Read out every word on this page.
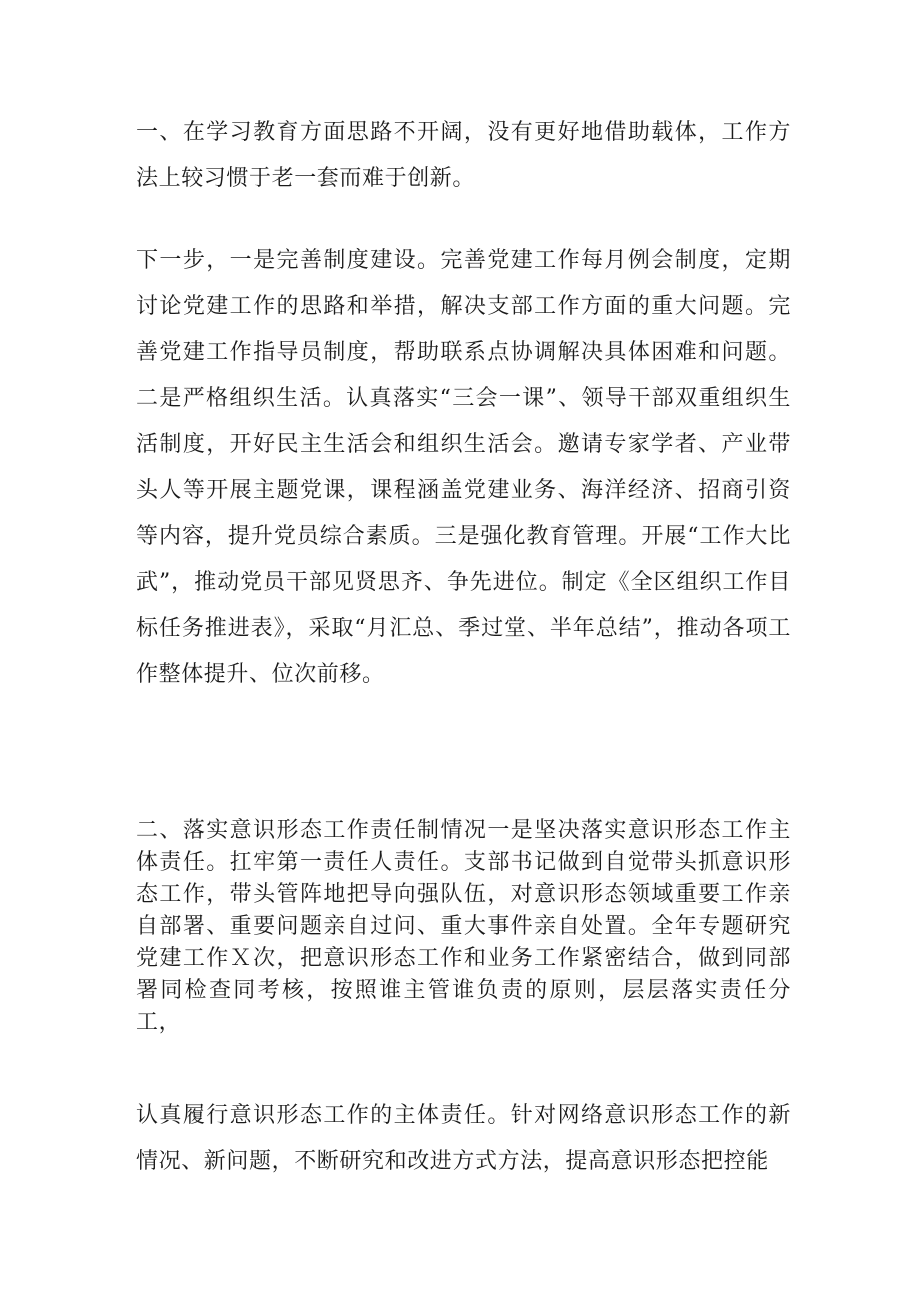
一、在学习教育方面思路不开阔，没有更好地借助载体，工作方法上较习惯于老一套而难于创新。

下一步，一是完善制度建设。完善党建工作每月例会制度，定期讨论党建工作的思路和举措，解决支部工作方面的重大问题。完善党建工作指导员制度，帮助联系点协调解决具体困难和问题。二是严格组织生活。认真落实“三会一课”、领导干部双重组织生活制度，开好民主生活会和组织生活会。邀请专家学者、产业带头人等开展主题党课，课程涵盖党建业务、海洋经济、招商引资等内容，提升党员综合素质。三是强化教育管理。开展“工作大比武”，推动党员干部见贤思齐、争先进位。制定《全区组织工作目标任务推进表》，采取“月汇总、季过堂、半年总结”，推动各项工作整体提升、位次前移。

二、落实意识形态工作责任制情况一是坚决落实意识形态工作主体责任。扛牢第一责任人责任。支部书记做到自觉带头抓意识形态工作，带头管阵地把导向强队伍，对意识形态领域重要工作亲自部署、重要问题亲自过问、重大事件亲自处置。全年专题研究党建工作Ｘ次，把意识形态工作和业务工作紧密结合，做到同部署同检查同考核，按照谁主管谁负责的原则，层层落实责任分工，

认真履行意识形态工作的主体责任。针对网络意识形态工作的新情况、新问题，不断研究和改进方式方法，提高意识形态把控能
